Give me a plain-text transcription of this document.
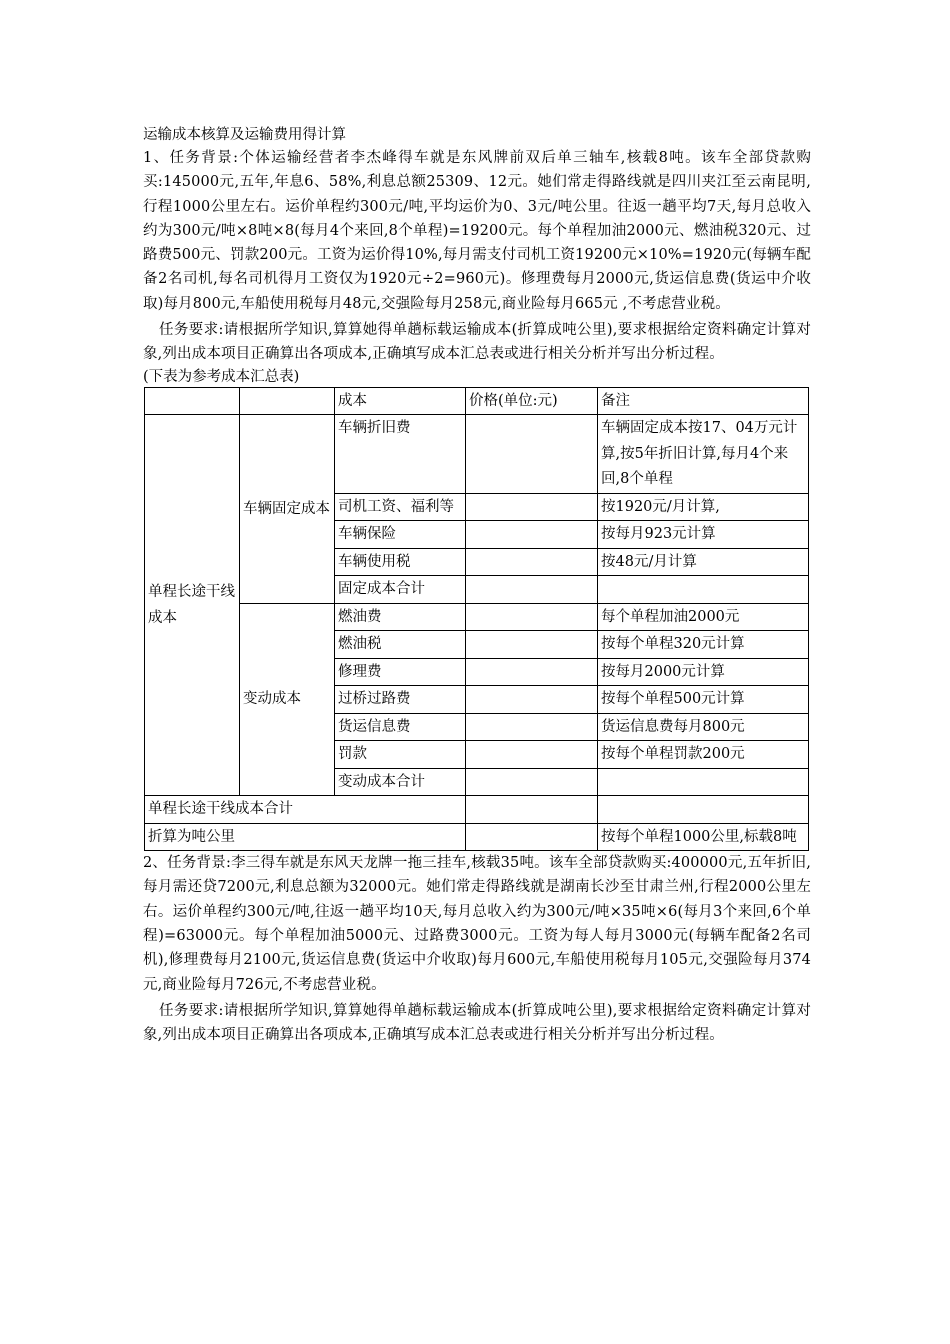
运输成本核算及运输费用得计算

1、任务背景:个体运输经营者李杰峰得车就是东风牌前双后单三轴车,核载8吨。该车全部贷款购买:145000元,五年,年息6、58%,利息总额25309、12元。她们常走得路线就是四川夹江至云南昆明,行程1000公里左右。运价单程约300元/吨,平均运价为0、3元/吨公里。往返一趟平均7天,每月总收入约为300元/吨×8吨×8(每月4个来回,8个单程)=19200元。每个单程加油2000元、燃油税320元、过路费500元、罚款200元。工资为运价得10%,每月需支付司机工资19200元×10%=1920元(每辆车配备2名司机,每名司机得月工资仅为1920元÷2=960元)。修理费每月2000元,货运信息费(货运中介收取)每月800元,车船使用税每月48元,交强险每月258元,商业险每月665元 ,不考虑营业税。

任务要求:请根据所学知识,算算她得单趟标载运输成本(折算成吨公里),要求根据给定资料确定计算对象,列出成本项目正确算出各项成本,正确填写成本汇总表或进行相关分析并写出分析过程。

(下表为参考成本汇总表)

		成本	价格(单位:元)	备注
单程长途干线成本	车辆固定成本	车辆折旧费		车辆固定成本按17、04万元计算,按5年折旧计算,每月4个来回,8个单程
		司机工资、福利等		按1920元/月计算,
		车辆保险		按每月923元计算
		车辆使用税		按48元/月计算
		固定成本合计		
	变动成本	燃油费		每个单程加油2000元
		燃油税		按每个单程320元计算
		修理费		按每月2000元计算
		过桥过路费		按每个单程500元计算
		货运信息费		货运信息费每月800元
		罚款		按每个单程罚款200元
		变动成本合计		
单程长途干线成本合计				
折算为吨公里				按每个单程1000公里,标载8吨

2、任务背景:李三得车就是东风天龙牌一拖三挂车,核载35吨。该车全部贷款购买:400000元,五年折旧,每月需还贷7200元,利息总额为32000元。她们常走得路线就是湖南长沙至甘肃兰州,行程2000公里左右。运价单程约300元/吨,往返一趟平均10天,每月总收入约为300元/吨×35吨×6(每月3个来回,6个单程)=63000元。每个单程加油5000元、过路费3000元。工资为每人每月3000元(每辆车配备2名司机),修理费每月2100元,货运信息费(货运中介收取)每月600元,车船使用税每月105元,交强险每月374元,商业险每月726元,不考虑营业税。

任务要求:请根据所学知识,算算她得单趟标载运输成本(折算成吨公里),要求根据给定资料确定计算对象,列出成本项目正确算出各项成本,正确填写成本汇总表或进行相关分析并写出分析过程。
